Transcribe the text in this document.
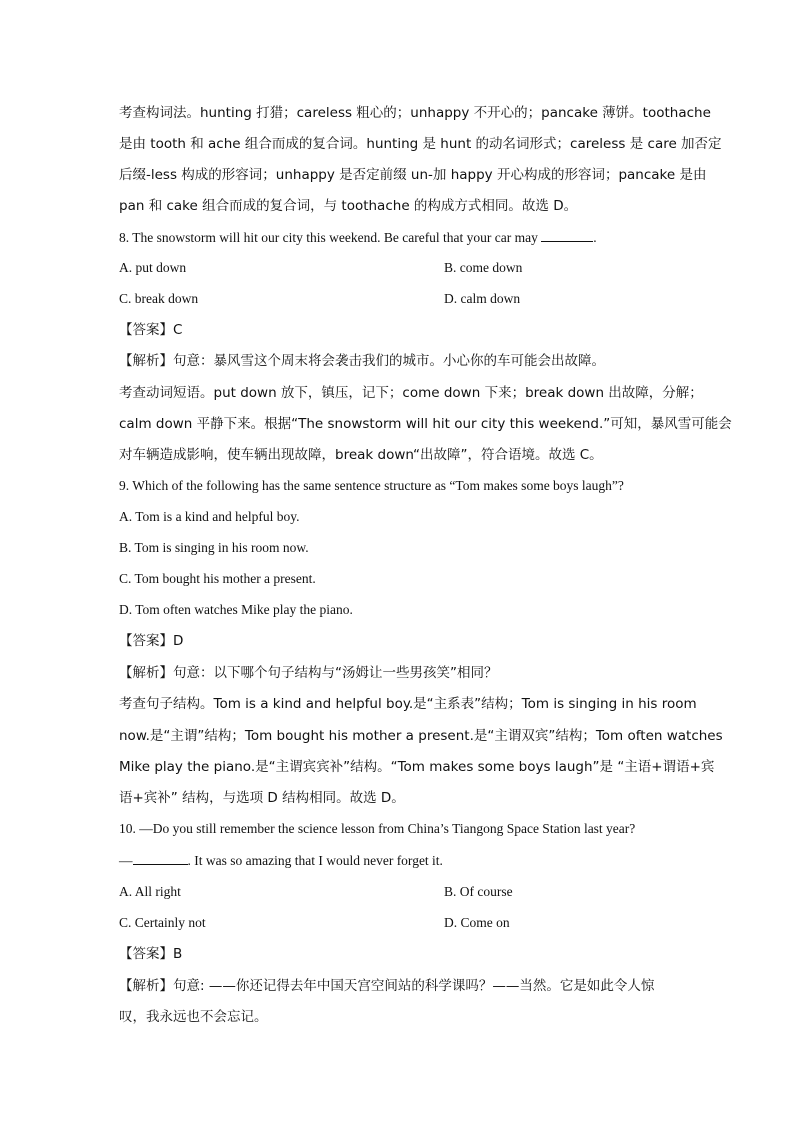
考查构词法。hunting 打猎；careless 粗心的；unhappy 不开心的；pancake 薄饼。toothache
是由 tooth 和 ache 组合而成的复合词。hunting 是 hunt 的动名词形式；careless 是 care 加否定
后缀-less 构成的形容词；unhappy 是否定前缀 un-加 happy 开心构成的形容词；pancake 是由
pan 和 cake 组合而成的复合词，与 toothache 的构成方式相同。故选 D。
8. The snowstorm will hit our city this weekend. Be careful that your car may	.
A. put down	B. come down
C. break down	D. calm down
【答案】C
【解析】句意：暴风雪这个周末将会袭击我们的城市。小心你的车可能会出故障。
考查动词短语。put down 放下，镇压，记下；come down 下来；break down 出故障，分解；
calm down 平静下来。根据“The snowstorm will hit our city this weekend.”可知，暴风雪可能会
对车辆造成影响，使车辆出现故障，break down“出故障”，符合语境。故选 C。
9. Which of the following has the same sentence structure as “Tom makes some boys laugh”?
A. Tom is a kind and helpful boy.
B. Tom is singing in his room now.
C. Tom bought his mother a present.
D. Tom often watches Mike play the piano.
【答案】D
【解析】句意：以下哪个句子结构与“汤姆让一些男孩笑”相同？
考查句子结构。Tom is a kind and helpful boy.是“主系表”结构；Tom is singing in his room
now.是“主谓”结构；Tom bought his mother a present.是“主谓双宾”结构；Tom often watches
Mike play the piano.是“主谓宾宾补”结构。“Tom makes some boys laugh”是 “主语+谓语+宾
语+宾补” 结构，与选项 D 结构相同。故选 D。
10. —Do you still remember the science lesson from China’s Tiangong Space Station last year?
—	. It was so amazing that I would never forget it.
A. All right	B. Of course
C. Certainly not	D. Come on
【答案】B
【解析】句意: ——你还记得去年中国天宫空间站的科学课吗？——当然。它是如此令人惊
叹，我永远也不会忘记。
